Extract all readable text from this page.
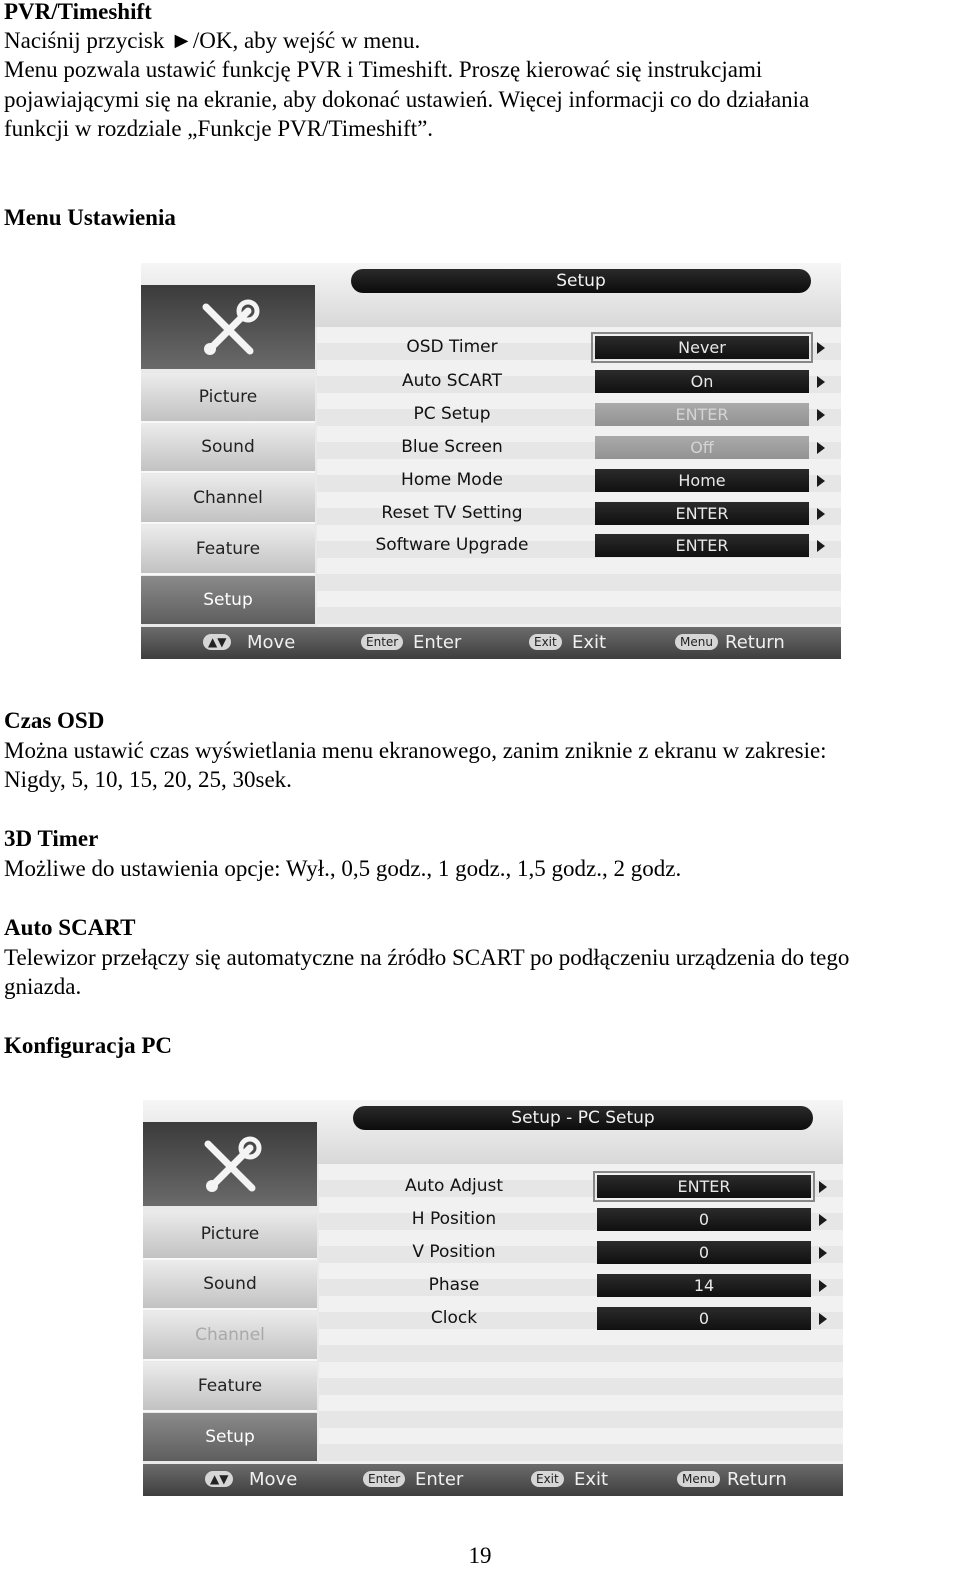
PVR/Timeshift
Naciśnij przycisk ►/OK, aby wejść w menu.
Menu pozwala ustawić funkcję PVR i Timeshift. Proszę kierować się instrukcjami
pojawiającymi się na ekranie, aby dokonać ustawień. Więcej informacji co do działania
funkcji w rozdziale „Funkcje PVR/Timeshift”.
Menu Ustawienia
Setup
Picture
Sound
Channel
Feature
Setup
OSD Timer	Never
Auto SCART	On
PC Setup	ENTER
Blue Screen	Off
Home Mode	Home
Reset TV Setting	ENTER
Software Upgrade	ENTER
▲▼ Move	Enter Enter	Exit Exit	Menu Return
Czas OSD
Można ustawić czas wyświetlania menu ekranowego, zanim zniknie z ekranu w zakresie:
Nigdy, 5, 10, 15, 20, 25, 30sek.
3D Timer
Możliwe do ustawienia opcje: Wył., 0,5 godz., 1 godz., 1,5 godz., 2 godz.
Auto SCART
Telewizor przełączy się automatyczne na źródło SCART po podłączeniu urządzenia do tego
gniazda.
Konfiguracja PC
Setup - PC Setup
Picture
Sound
Channel
Feature
Setup
Auto Adjust	ENTER
H Position	0
V Position	0
Phase	14
Clock	0
▲▼ Move	Enter Enter	Exit Exit	Menu Return
19
